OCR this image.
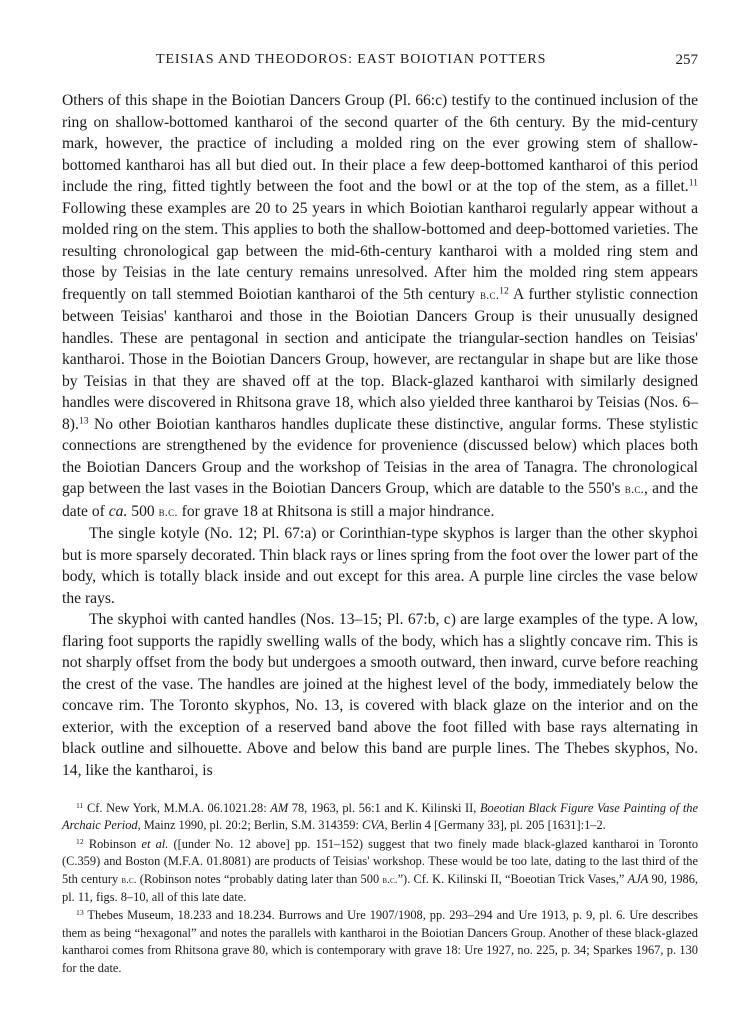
TEISIAS AND THEODOROS: EAST BOIOTIAN POTTERS	257

Others of this shape in the Boiotian Dancers Group (Pl. 66:c) testify to the continued inclusion of the ring on shallow-bottomed kantharoi of the second quarter of the 6th century. By the mid-century mark, however, the practice of including a molded ring on the ever growing stem of shallow-bottomed kantharoi has all but died out. In their place a few deep-bottomed kantharoi of this period include the ring, fitted tightly between the foot and the bowl or at the top of the stem, as a fillet.$^{11}$ Following these examples are 20 to 25 years in which Boiotian kantharoi regularly appear without a molded ring on the stem. This applies to both the shallow-bottomed and deep-bottomed varieties. The resulting chronological gap between the mid-6th-century kantharoi with a molded ring stem and those by Teisias in the late century remains unresolved. After him the molded ring stem appears frequently on tall stemmed Boiotian kantharoi of the 5th century b.c.$^{12}$ A further stylistic connection between Teisias' kantharoi and those in the Boiotian Dancers Group is their unusually designed handles. These are pentagonal in section and anticipate the triangular-section handles on Teisias' kantharoi. Those in the Boiotian Dancers Group, however, are rectangular in shape but are like those by Teisias in that they are shaved off at the top. Black-glazed kantharoi with similarly designed handles were discovered in Rhitsona grave 18, which also yielded three kantharoi by Teisias (Nos. 6–8).$^{13}$ No other Boiotian kantharos handles duplicate these distinctive, angular forms. These stylistic connections are strengthened by the evidence for provenience (discussed below) which places both the Boiotian Dancers Group and the workshop of Teisias in the area of Tanagra. The chronological gap between the last vases in the Boiotian Dancers Group, which are datable to the 550's b.c., and the date of ca. 500 b.c. for grave 18 at Rhitsona is still a major hindrance.

The single kotyle (No. 12; Pl. 67:a) or Corinthian-type skyphos is larger than the other skyphoi but is more sparsely decorated. Thin black rays or lines spring from the foot over the lower part of the body, which is totally black inside and out except for this area. A purple line circles the vase below the rays.

The skyphoi with canted handles (Nos. 13–15; Pl. 67:b, c) are large examples of the type. A low, flaring foot supports the rapidly swelling walls of the body, which has a slightly concave rim. This is not sharply offset from the body but undergoes a smooth outward, then inward, curve before reaching the crest of the vase. The handles are joined at the highest level of the body, immediately below the concave rim. The Toronto skyphos, No. 13, is covered with black glaze on the interior and on the exterior, with the exception of a reserved band above the foot filled with base rays alternating in black outline and silhouette. Above and below this band are purple lines. The Thebes skyphos, No. 14, like the kantharoi, is

$^{11}$ Cf. New York, M.M.A. 06.1021.28: AM 78, 1963, pl. 56:1 and K. Kilinski II, Boeotian Black Figure Vase Painting of the Archaic Period, Mainz 1990, pl. 20:2; Berlin, S.M. 314359: CVA, Berlin 4 [Germany 33], pl. 205 [1631]:1–2.

$^{12}$ Robinson et al. ([under No. 12 above] pp. 151–152) suggest that two finely made black-glazed kantharoi in Toronto (C.359) and Boston (M.F.A. 01.8081) are products of Teisias' workshop. These would be too late, dating to the last third of the 5th century b.c. (Robinson notes “probably dating later than 500 b.c.”). Cf. K. Kilinski II, “Boeotian Trick Vases,” AJA 90, 1986, pl. 11, figs. 8–10, all of this late date.

$^{13}$ Thebes Museum, 18.233 and 18.234. Burrows and Ure 1907/1908, pp. 293–294 and Ure 1913, p. 9, pl. 6. Ure describes them as being “hexagonal” and notes the parallels with kantharoi in the Boiotian Dancers Group. Another of these black-glazed kantharoi comes from Rhitsona grave 80, which is contemporary with grave 18: Ure 1927, no. 225, p. 34; Sparkes 1967, p. 130 for the date.
